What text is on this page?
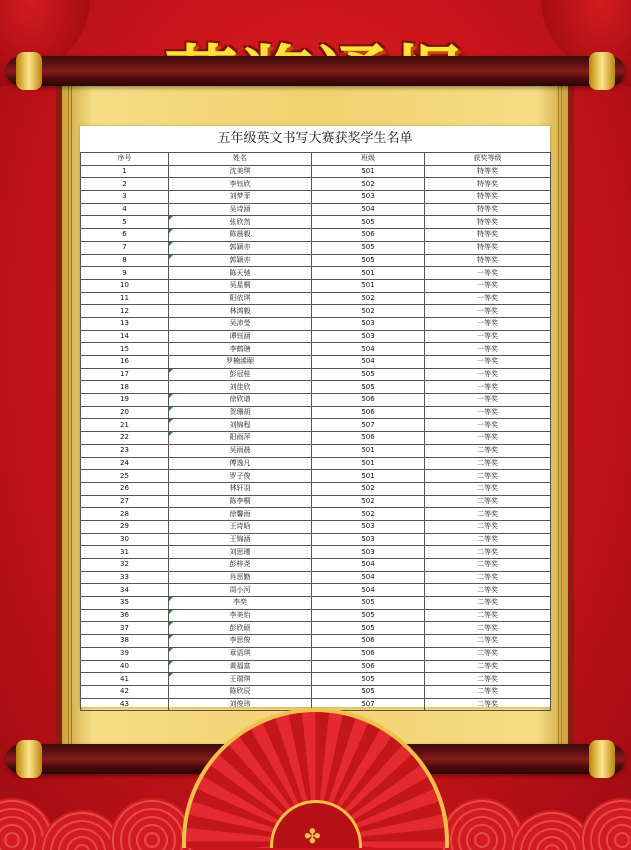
五年级英文书写大赛获奖学生名单
序号	姓名	班级	获奖等级
1	沈美琪	501	特等奖
2	李钰欣	502	特等奖
3	刘梦菲	503	特等奖
4	吴诗涵	504	特等奖
5	张欣然	505	特等奖
6	陈晨毅	506	特等奖
7	郭颖亦	505	特等奖
8	郭颖亦	505	特等奖
9	陈天驰	501	一等奖
10	吴星桐	501	一等奖
11	阳依琪	502	一等奖
12	林鸿毅	502	一等奖
13	吴沛瑩	503	一等奖
14	谭钰涵	503	一等奖
15	李鹤瑭	504	一等奖
16	罗楠浠颐	504	一等奖
17	彭冠桂	505	一等奖
18	刘佳欣	505	一等奖
19	徐欣谱	506	一等奖
20	贺珊胡	506	一等奖
21	刘锦程	507	一等奖
22	阳雨萍	506	一等奖
23	吴雨晨	501	二等奖
24	傅逸凡	501	二等奖
25	罗子俊	501	二等奖
26	林轩羽	502	二等奖
27	陈李桐	502	二等奖
28	徐馨雨	502	二等奖
29	王诗晗	503	二等奖
30	王锦涵	503	二等奖
31	刘思瑾	503	二等奖
32	彭梓尧	504	二等奖
33	肖思勤	504	二等奖
34	周小河	504	二等奖
35	李奕	505	二等奖
36	李美怡	505	二等奖
37	彭欣硕	505	二等奖
38	李思俊	506	二等奖
39	章语琪	506	二等奖
40	黄福富	506	二等奖
41	王瑞琪	505	二等奖
42	陈欣辰	505	二等奖
43	刘俊玮	507	二等奖
✤
